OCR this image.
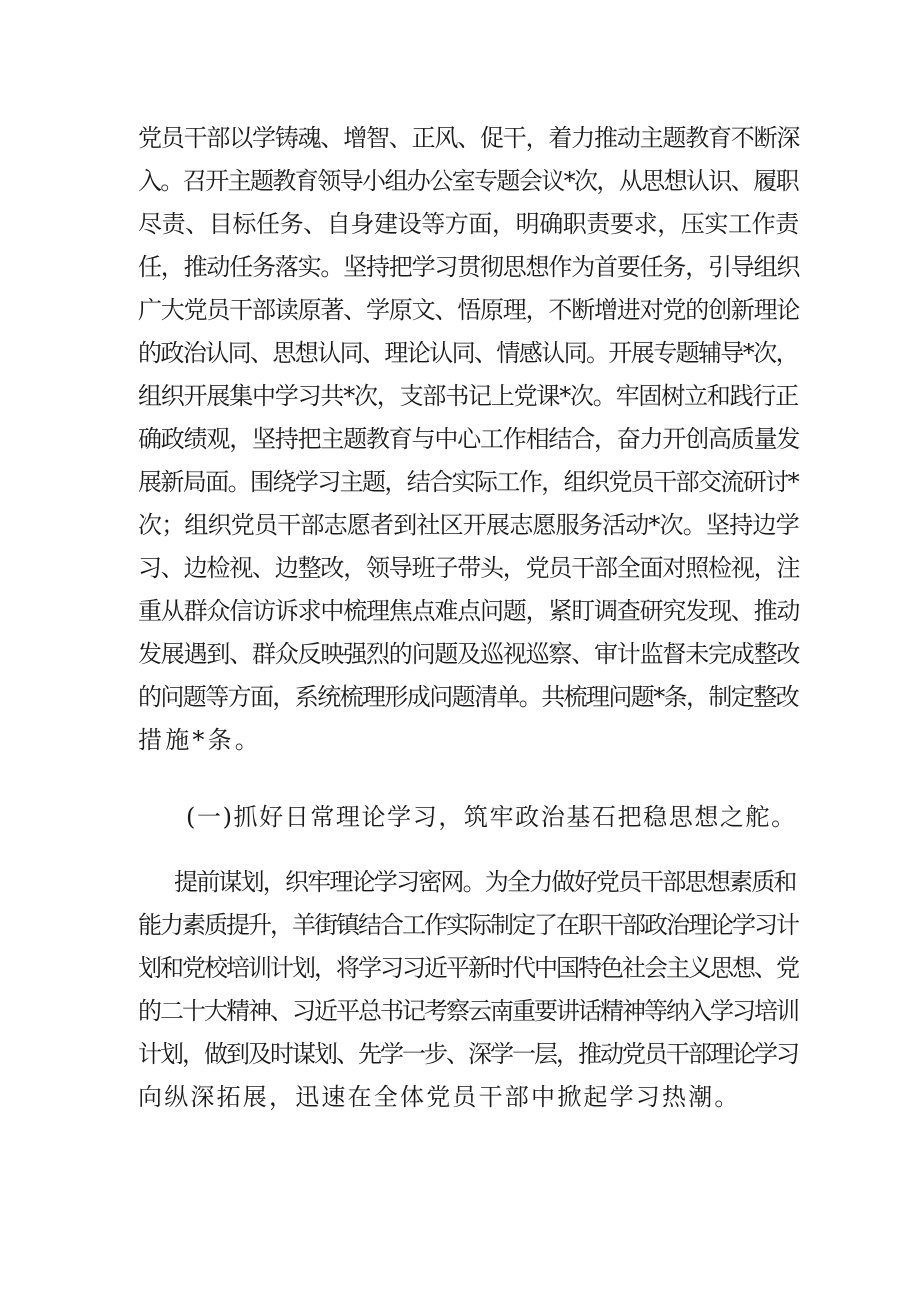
党员干部以学铸魂、增智、正风、促干，着力推动主题教育不断深
入。召开主题教育领导小组办公室专题会议*次，从思想认识、履职
尽责、目标任务、自身建设等方面，明确职责要求，压实工作责
任，推动任务落实。坚持把学习贯彻思想作为首要任务，引导组织
广大党员干部读原著、学原文、悟原理，不断增进对党的创新理论
的政治认同、思想认同、理论认同、情感认同。开展专题辅导*次，
组织开展集中学习共*次，支部书记上党课*次。牢固树立和践行正
确政绩观，坚持把主题教育与中心工作相结合，奋力开创高质量发
展新局面。围绕学习主题，结合实际工作，组织党员干部交流研讨*
次；组织党员干部志愿者到社区开展志愿服务活动*次。坚持边学
习、边检视、边整改，领导班子带头，党员干部全面对照检视，注
重从群众信访诉求中梳理焦点难点问题，紧盯调查研究发现、推动
发展遇到、群众反映强烈的问题及巡视巡察、审计监督未完成整改
的问题等方面，系统梳理形成问题清单。共梳理问题*条，制定整改
措施*条。
(一)抓好日常理论学习，筑牢政治基石把稳思想之舵。
提前谋划，织牢理论学习密网。为全力做好党员干部思想素质和
能力素质提升，羊街镇结合工作实际制定了在职干部政治理论学习计
划和党校培训计划，将学习习近平新时代中国特色社会主义思想、党
的二十大精神、习近平总书记考察云南重要讲话精神等纳入学习培训
计划，做到及时谋划、先学一步、深学一层，推动党员干部理论学习
向纵深拓展，迅速在全体党员干部中掀起学习热潮。
